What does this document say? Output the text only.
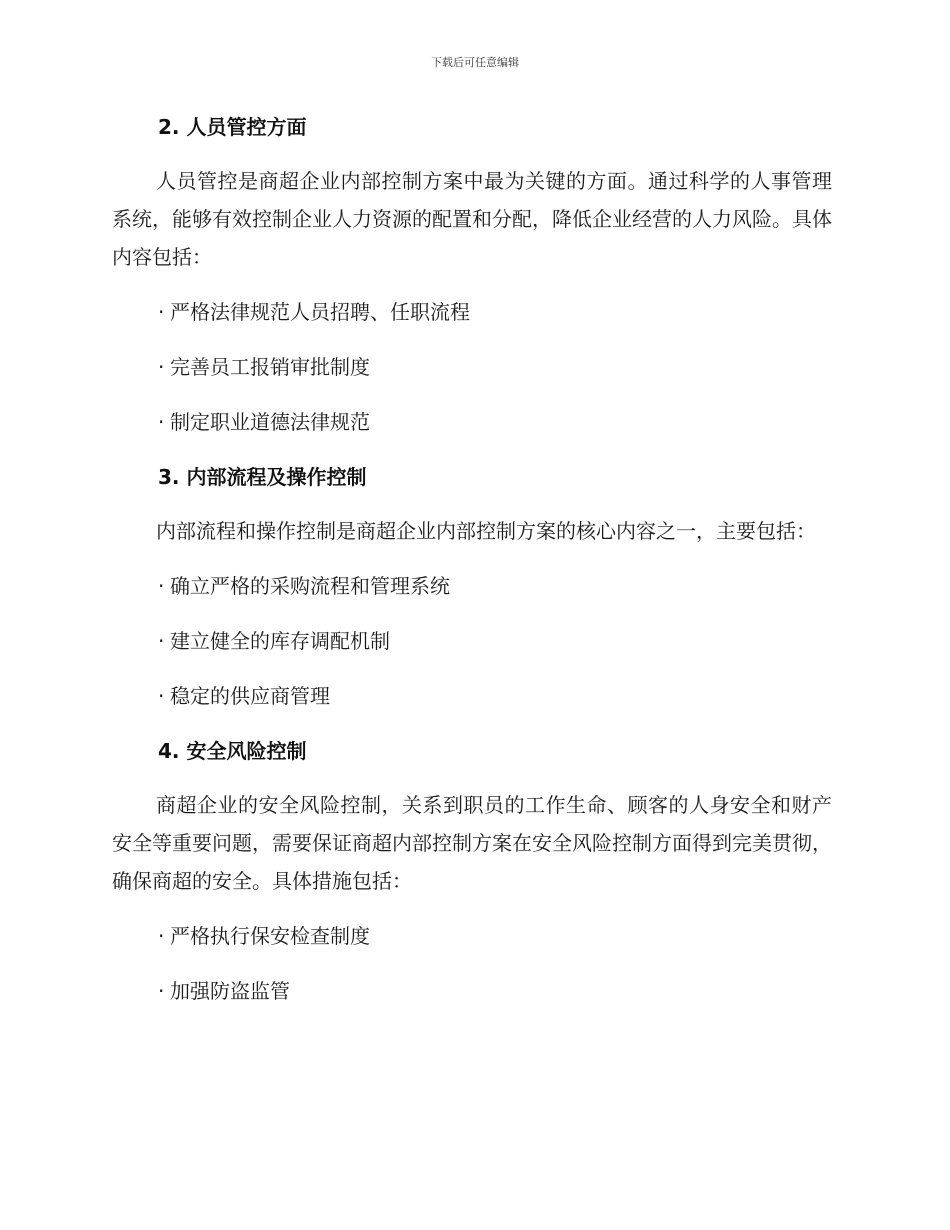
下载后可任意编辑
2. 人员管控方面

人员管控是商超企业内部控制方案中最为关键的方面。通过科学的人事管理系统，能够有效控制企业人力资源的配置和分配，降低企业经营的人力风险。具体内容包括：

· 严格法律规范人员招聘、任职流程
· 完善员工报销审批制度
· 制定职业道德法律规范
3. 内部流程及操作控制

内部流程和操作控制是商超企业内部控制方案的核心内容之一，主要包括：

· 确立严格的采购流程和管理系统
· 建立健全的库存调配机制
· 稳定的供应商管理
4. 安全风险控制

商超企业的安全风险控制，关系到职员的工作生命、顾客的人身安全和财产安全等重要问题，需要保证商超内部控制方案在安全风险控制方面得到完美贯彻，确保商超的安全。具体措施包括：

· 严格执行保安检查制度
· 加强防盗监管
